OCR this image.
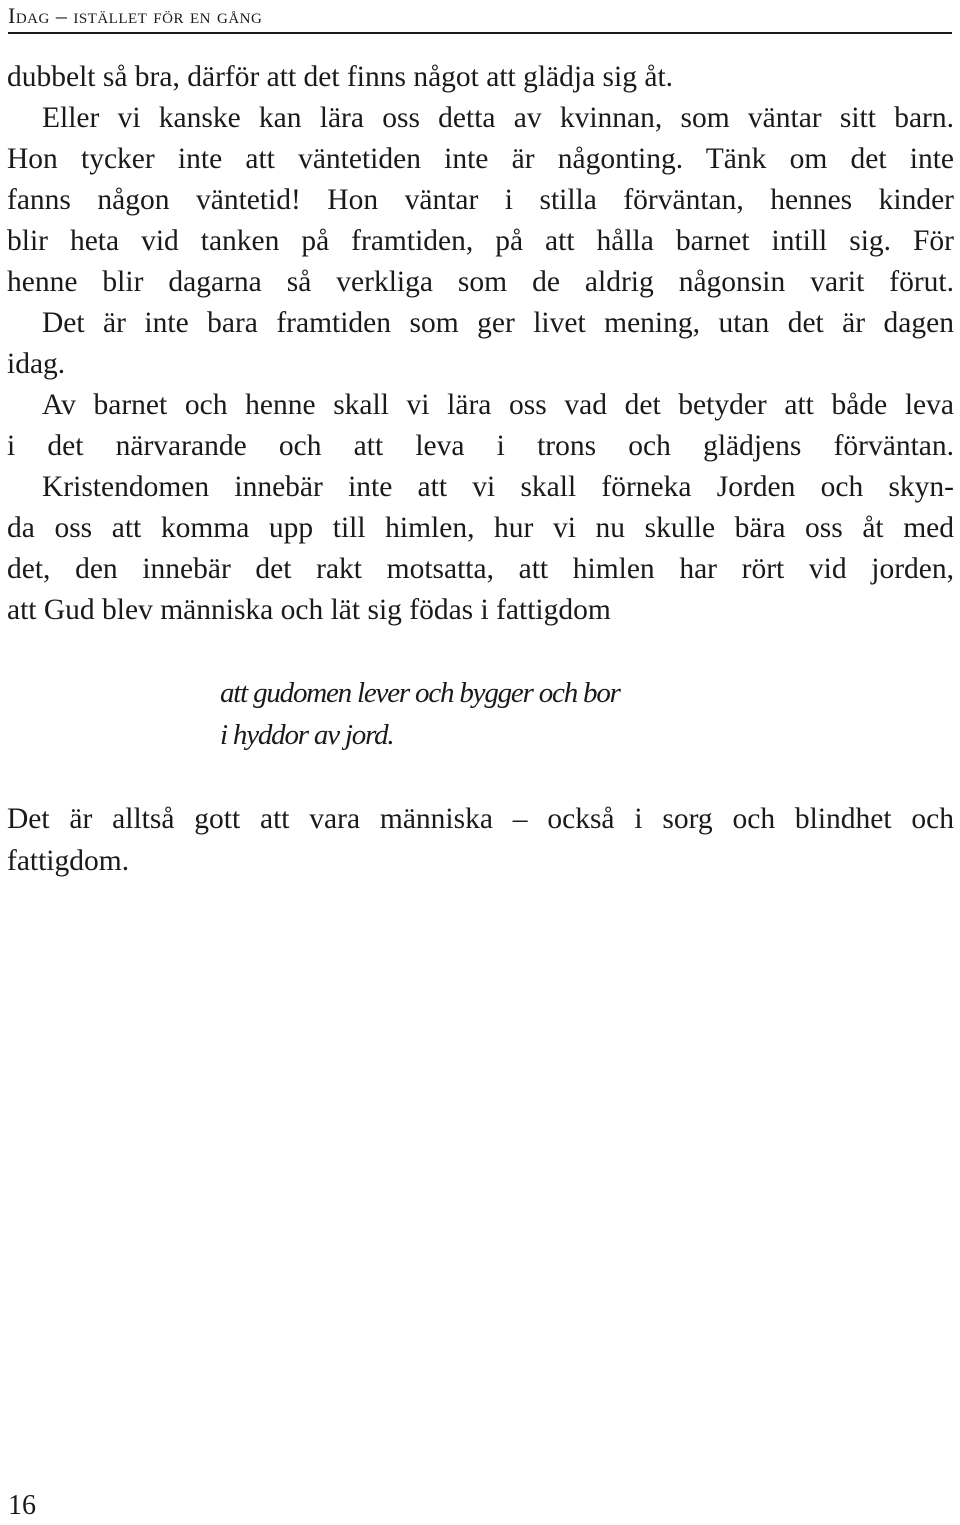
Idag – istället för en gång
dubbelt så bra, därför att det finns något att glädja sig åt.
Eller vi kanske kan lära oss detta av kvinnan, som väntar sitt barn.
Hon tycker inte att väntetiden inte är någonting. Tänk om det inte
fanns någon väntetid! Hon väntar i stilla förväntan, hennes kinder
blir heta vid tanken på framtiden, på att hålla barnet intill sig. För
henne blir dagarna så verkliga som de aldrig någonsin varit förut.
Det är inte bara framtiden som ger livet mening, utan det är dagen
idag.
Av barnet och henne skall vi lära oss vad det betyder att både leva
i det närvarande och att leva i trons och glädjens förväntan.
Kristendomen innebär inte att vi skall förneka Jorden och skyn-
da oss att komma upp till himlen, hur vi nu skulle bära oss åt med
det, den innebär det rakt motsatta, att himlen har rört vid jorden,
att Gud blev människa och lät sig födas i fattigdom
att gudomen lever och bygger och bor
i hyddor av jord.
Det är alltså gott att vara människa – också i sorg och blindhet och
fattigdom.
16
